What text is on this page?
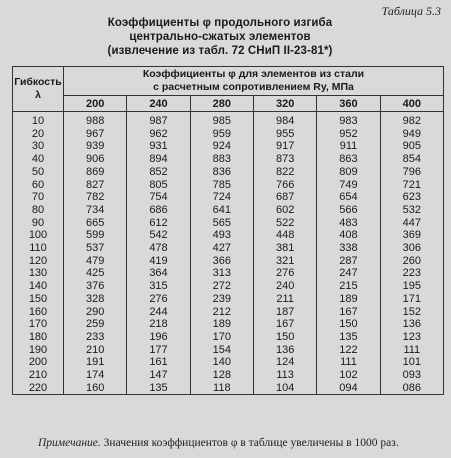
Таблица 5.3
Коэффициенты φ продольного изгиба
центрально-сжатых элементов
(извлечение из табл. 72 СНиП II-23-81*)
Гибкость
λ	Коэффициенты φ для элементов из стали
с расчетным сопротивлением Rу, МПа					
	200	240	280	320	360	400
10	988	987	985	984	983	982
20	967	962	959	955	952	949
30	939	931	924	917	911	905
40	906	894	883	873	863	854
50	869	852	836	822	809	796
60	827	805	785	766	749	721
70	782	754	724	687	654	623
80	734	686	641	602	566	532
90	665	612	565	522	483	447
100	599	542	493	448	408	369
110	537	478	427	381	338	306
120	479	419	366	321	287	260
130	425	364	313	276	247	223
140	376	315	272	240	215	195
150	328	276	239	211	189	171
160	290	244	212	187	167	152
170	259	218	189	167	150	136
180	233	196	170	150	135	123
190	210	177	154	136	122	111
200	191	161	140	124	111	101
210	174	147	128	113	102	093
220	160	135	118	104	094	086
Примечание. Значения коэффициентов φ в таблице увеличены в 1000 раз.
